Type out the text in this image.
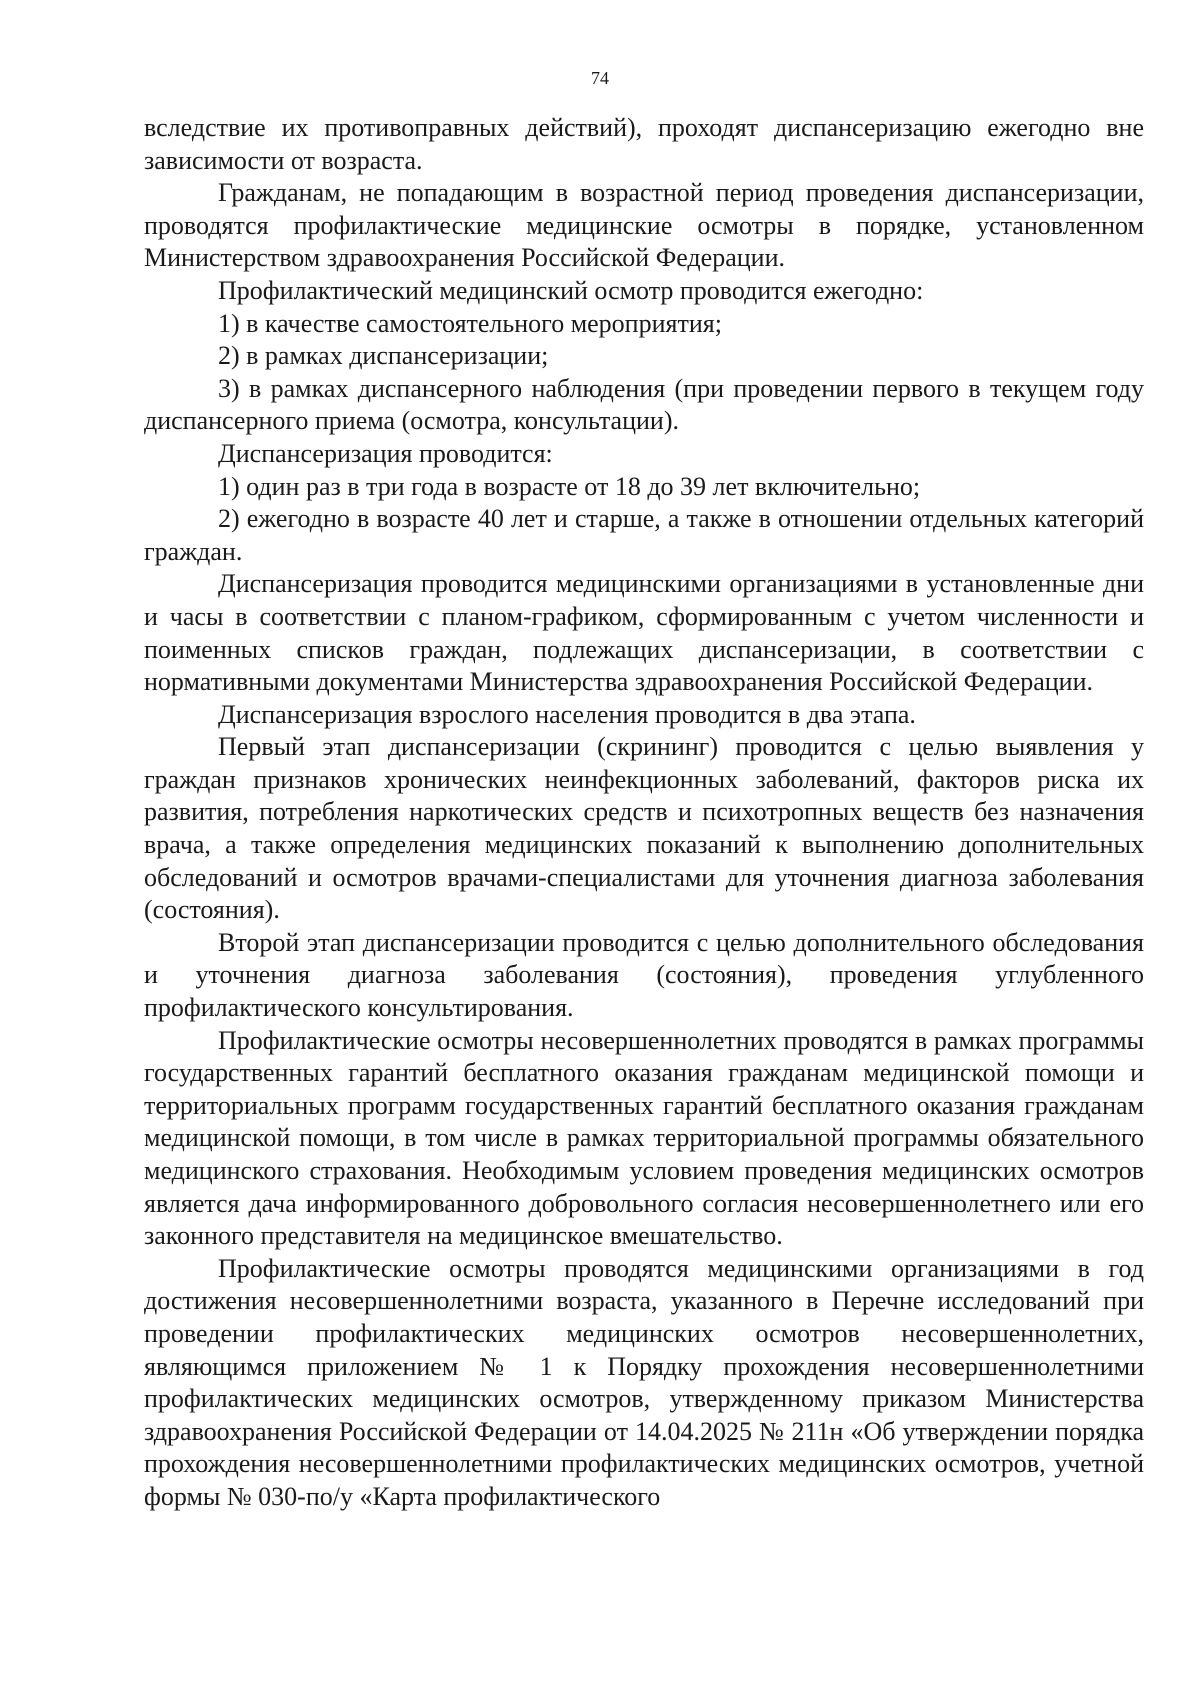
74

вследствие их противоправных действий), проходят диспансеризацию ежегодно вне зависимости от возраста.

Гражданам, не попадающим в возрастной период проведения диспансеризации, проводятся профилактические медицинские осмотры в порядке, установленном Министерством здравоохранения Российской Федерации.

Профилактический медицинский осмотр проводится ежегодно:

1) в качестве самостоятельного мероприятия;

2) в рамках диспансеризации;

3) в рамках диспансерного наблюдения (при проведении первого в текущем году диспансерного приема (осмотра, консультации).

Диспансеризация проводится:

1) один раз в три года в возрасте от 18 до 39 лет включительно;

2) ежегодно в возрасте 40 лет и старше, а также в отношении отдельных категорий граждан.

Диспансеризация проводится медицинскими организациями в установленные дни и часы в соответствии с планом-графиком, сформированным с учетом численности и поименных списков граждан, подлежащих диспансеризации, в соответствии с нормативными документами Министерства здравоохранения Российской Федерации.

Диспансеризация взрослого населения проводится в два этапа.

Первый этап диспансеризации (скрининг) проводится с целью выявления у граждан признаков хронических неинфекционных заболеваний, факторов риска их развития, потребления наркотических средств и психотропных веществ без назначения врача, а также определения медицинских показаний к выполнению дополнительных обследований и осмотров врачами-специалистами для уточнения диагноза заболевания (состояния).

Второй этап диспансеризации проводится с целью дополнительного обследования и уточнения диагноза заболевания (состояния), проведения углубленного профилактического консультирования.

Профилактические осмотры несовершеннолетних проводятся в рамках программы государственных гарантий бесплатного оказания гражданам медицинской помощи и территориальных программ государственных гарантий бесплатного оказания гражданам медицинской помощи, в том числе в рамках территориальной программы обязательного медицинского страхования. Необходимым условием проведения медицинских осмотров является дача информированного добровольного согласия несовершеннолетнего или его законного представителя на медицинское вмешательство.

Профилактические осмотры проводятся медицинскими организациями в год достижения несовершеннолетними возраста, указанного в Перечне исследований при проведении профилактических медицинских осмотров несовершеннолетних, являющимся приложением № 1 к Порядку прохождения несовершеннолетними профилактических медицинских осмотров, утвержденному приказом Министерства здравоохранения Российской Федерации от 14.04.2025 № 211н «Об утверждении порядка прохождения несовершеннолетними профилактических медицинских осмотров, учетной формы № 030-по/у «Карта профилактического
